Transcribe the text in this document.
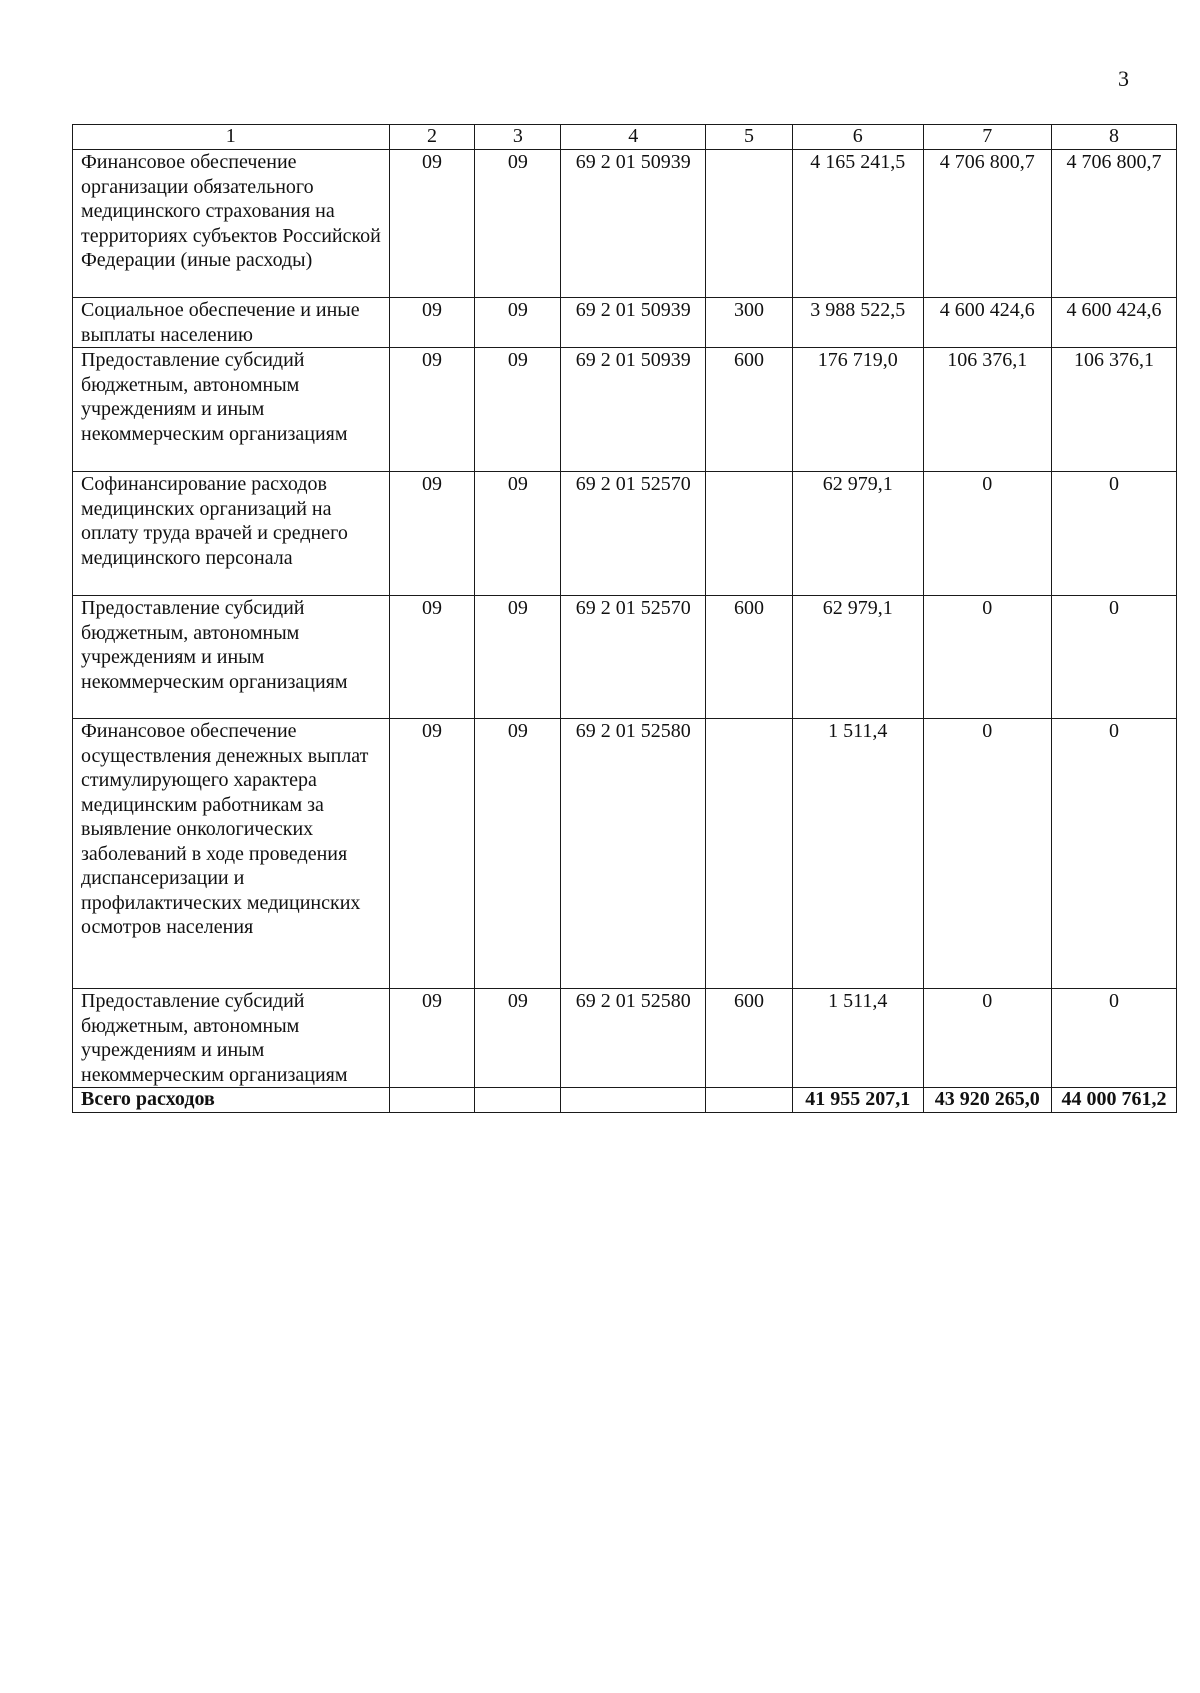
3
1	2	3	4	5	6	7	8
Финансовое обеспечение организации обязательного медицинского страхования на территориях субъектов Российской Федерации (иные расходы)	09	09	69 2 01 50939		4 165 241,5	4 706 800,7	4 706 800,7
Социальное обеспечение и иные выплаты населению	09	09	69 2 01 50939	300	3 988 522,5	4 600 424,6	4 600 424,6
Предоставление субсидий бюджетным, автономным учреждениям и иным некоммерческим организациям	09	09	69 2 01 50939	600	176 719,0	106 376,1	106 376,1
Софинансирование расходов медицинских организаций на оплату труда врачей и среднего медицинского персонала	09	09	69 2 01 52570		62 979,1	0	0
Предоставление субсидий бюджетным, автономным учреждениям и иным некоммерческим организациям	09	09	69 2 01 52570	600	62 979,1	0	0
Финансовое обеспечение осуществления денежных выплат стимулирующего характера медицинским работникам за выявление онкологических заболеваний в ходе проведения диспансеризации и профилактических медицинских осмотров населения	09	09	69 2 01 52580		1 511,4	0	0
Предоставление субсидий бюджетным, автономным учреждениям и иным некоммерческим организациям	09	09	69 2 01 52580	600	1 511,4	0	0
Всего расходов					41 955 207,1	43 920 265,0	44 000 761,2
